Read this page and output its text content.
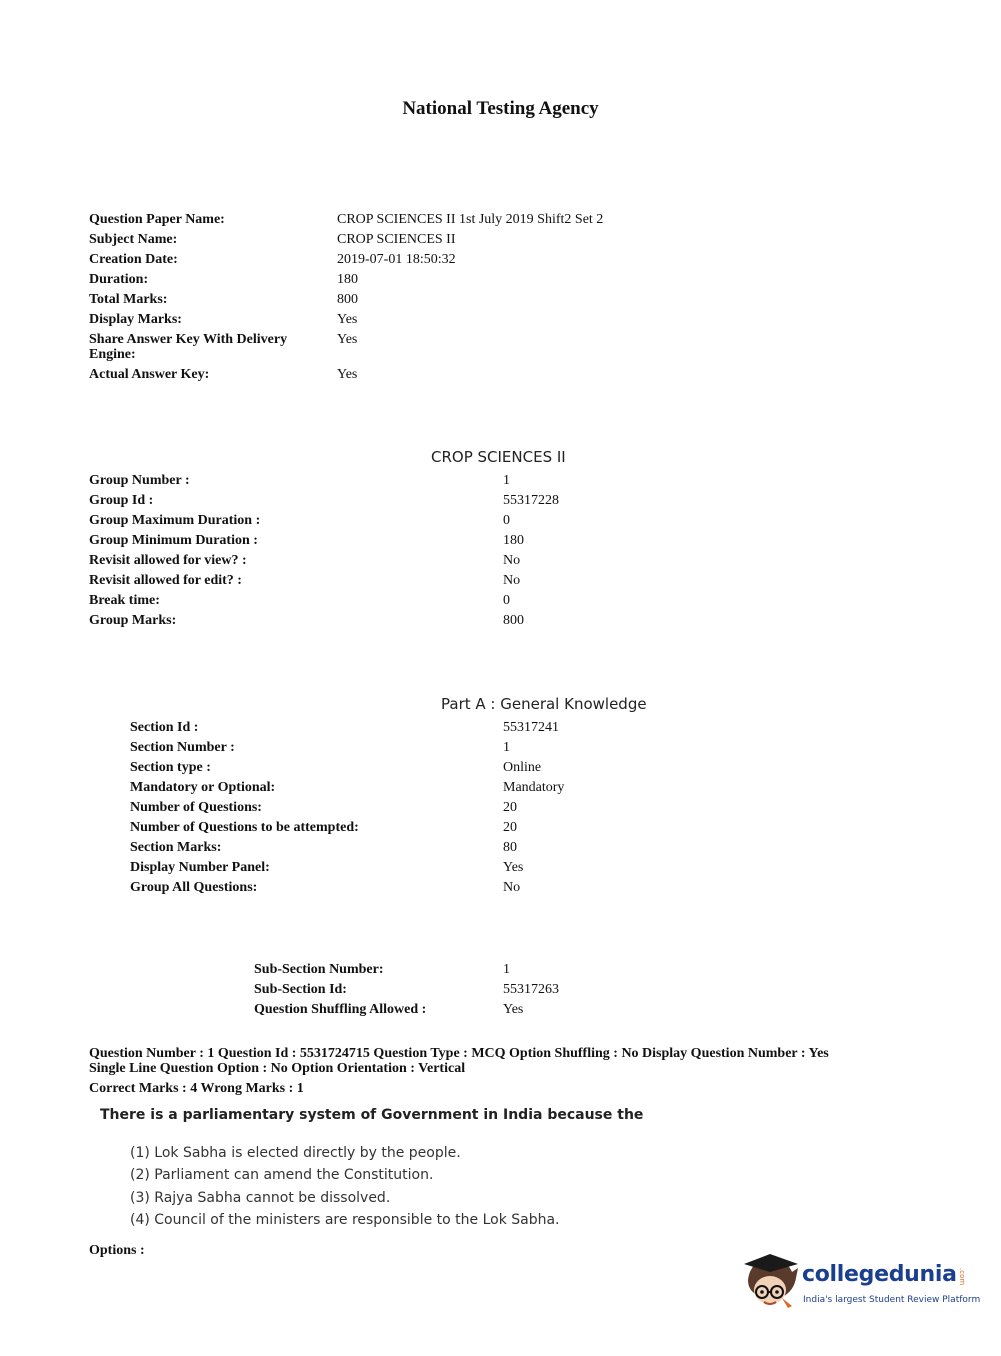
National Testing Agency
Question Paper Name:	CROP SCIENCES II 1st July 2019 Shift2 Set 2
Subject Name:	CROP SCIENCES II
Creation Date:	2019-07-01 18:50:32
Duration:	180
Total Marks:	800
Display Marks:	Yes
Share Answer Key With Delivery	Yes
Engine:
Actual Answer Key:	Yes
CROP SCIENCES II
Group Number :	1
Group Id :	55317228
Group Maximum Duration :	0
Group Minimum Duration :	180
Revisit allowed for view? :	No
Revisit allowed for edit? :	No
Break time:	0
Group Marks:	800
Part A : General Knowledge
Section Id :	55317241
Section Number :	1
Section type :	Online
Mandatory or Optional:	Mandatory
Number of Questions:	20
Number of Questions to be attempted:	20
Section Marks:	80
Display Number Panel:	Yes
Group All Questions:	No
Sub-Section Number:	1
Sub-Section Id:	55317263
Question Shuffling Allowed :	Yes
Question Number : 1 Question Id : 5531724715 Question Type : MCQ Option Shuffling : No Display Question Number : Yes
Single Line Question Option : No Option Orientation : Vertical
Correct Marks : 4 Wrong Marks : 1
There is a parliamentary system of Government in India because the
(1) Lok Sabha is elected directly by the people.
(2) Parliament can amend the Constitution.
(3) Rajya Sabha cannot be dissolved.
(4) Council of the ministers are responsible to the Lok Sabha.
Options :
collegedunia .com
India's largest Student Review Platform
